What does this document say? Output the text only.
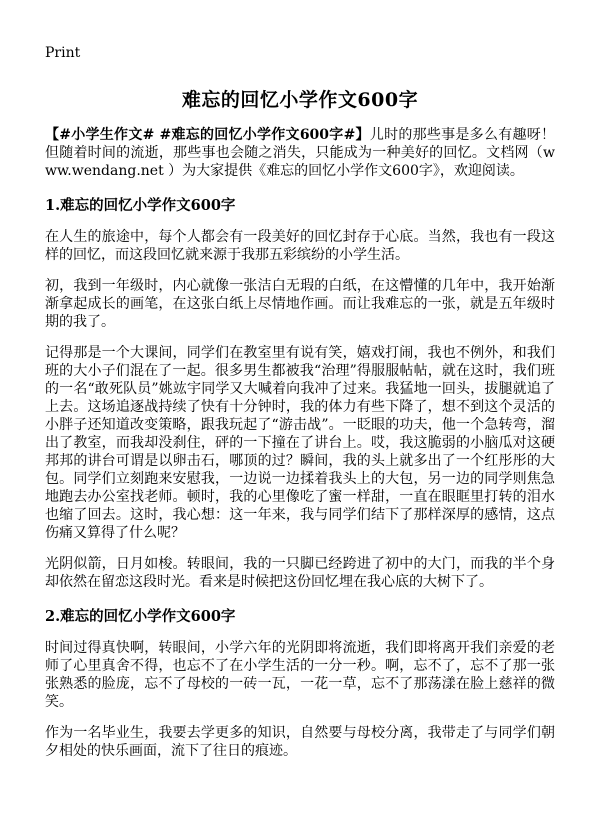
Print
难忘的回忆小学作文600字

【#小学生作文# #难忘的回忆小学作文600字#】儿时的那些事是多么有趣呀！但随着时间的流逝，那些事也会随之消失，只能成为一种美好的回忆。文档网（www.wendang.net ）为大家提供《难忘的回忆小学作文600字》，欢迎阅读。

1.难忘的回忆小学作文600字

在人生的旅途中，每个人都会有一段美好的回忆封存于心底。当然，我也有一段这样的回忆，而这段回忆就来源于我那五彩缤纷的小学生活。

初，我到一年级时，内心就像一张洁白无瑕的白纸，在这懵懂的几年中，我开始渐渐拿起成长的画笔，在这张白纸上尽情地作画。而让我难忘的一张，就是五年级时期的我了。

记得那是一个大课间，同学们在教室里有说有笑，嬉戏打闹，我也不例外，和我们班的大小子们混在了一起。很多男生都被我“治理”得服服帖帖，就在这时，我们班的一名“敢死队员”姚竑宇同学又大喊着向我冲了过来。我猛地一回头，拔腿就追了上去。这场追逐战持续了快有十分钟时，我的体力有些下降了，想不到这个灵活的小胖子还知道改变策略，跟我玩起了“游击战”。一眨眼的功夫，他一个急转弯，溜出了教室，而我却没刹住，砰的一下撞在了讲台上。哎，我这脆弱的小脑瓜对这硬邦邦的讲台可谓是以卵击石，哪顶的过？瞬间，我的头上就多出了一个红彤彤的大包。同学们立刻跑来安慰我，一边说一边揉着我头上的大包，另一边的同学则焦急地跑去办公室找老师。顿时，我的心里像吃了蜜一样甜，一直在眼眶里打转的泪水也缩了回去。这时，我心想：这一年来，我与同学们结下了那样深厚的感情，这点伤痛又算得了什么呢？

光阴似箭，日月如梭。转眼间，我的一只脚已经跨进了初中的大门，而我的半个身却依然在留恋这段时光。看来是时候把这份回忆埋在我心底的大树下了。

2.难忘的回忆小学作文600字

时间过得真快啊，转眼间，小学六年的光阴即将流逝，我们即将离开我们亲爱的老师了心里真舍不得，也忘不了在小学生活的一分一秒。啊，忘不了，忘不了那一张张熟悉的脸庞，忘不了母校的一砖一瓦，一花一草，忘不了那荡漾在脸上慈祥的微笑。

作为一名毕业生，我要去学更多的知识，自然要与母校分离，我带走了与同学们朝夕相处的快乐画面，流下了往日的痕迹。
